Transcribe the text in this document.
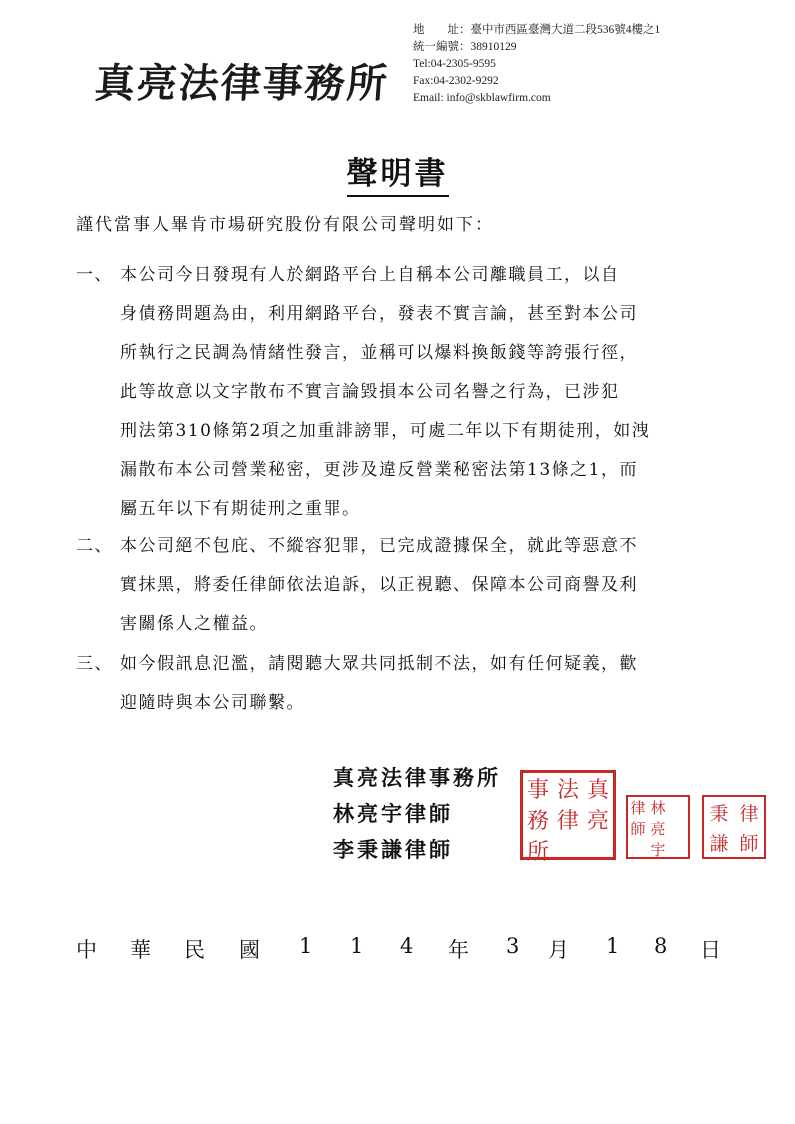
真亮法律事務所
地　　址：臺中市西區臺灣大道二段536號4樓之1
統一編號：38910129
Tel:04-2305-9595
Fax:04-2302-9292
Email: info@skblawfirm.com
聲明書
謹代當事人畢肯市場研究股份有限公司聲明如下：
一、 本公司今日發現有人於網路平台上自稱本公司離職員工，以自
身債務問題為由，利用網路平台，發表不實言論，甚至對本公司
所執行之民調為情緒性發言，並稱可以爆料換飯錢等誇張行徑，
此等故意以文字散布不實言論毀損本公司名譽之行為，已涉犯
刑法第310條第2項之加重誹謗罪，可處二年以下有期徒刑，如洩
漏散布本公司營業秘密，更涉及違反營業秘密法第13條之1，而
屬五年以下有期徒刑之重罪。
二、 本公司絕不包庇、不縱容犯罪，已完成證據保全，就此等惡意不
實抹黑，將委任律師依法追訴，以正視聽、保障本公司商譽及利
害關係人之權益。
三、 如今假訊息氾濫，請閱聽大眾共同抵制不法，如有任何疑義，歡
迎隨時與本公司聯繫。
真亮法律事務所
林亮宇律師
李秉謙律師
事 法 真
務 律 亮
所
律 林
師 亮
宇
秉 律
謙 師
中 華 民 國 1 1 4 年 3 月 1 8 日
